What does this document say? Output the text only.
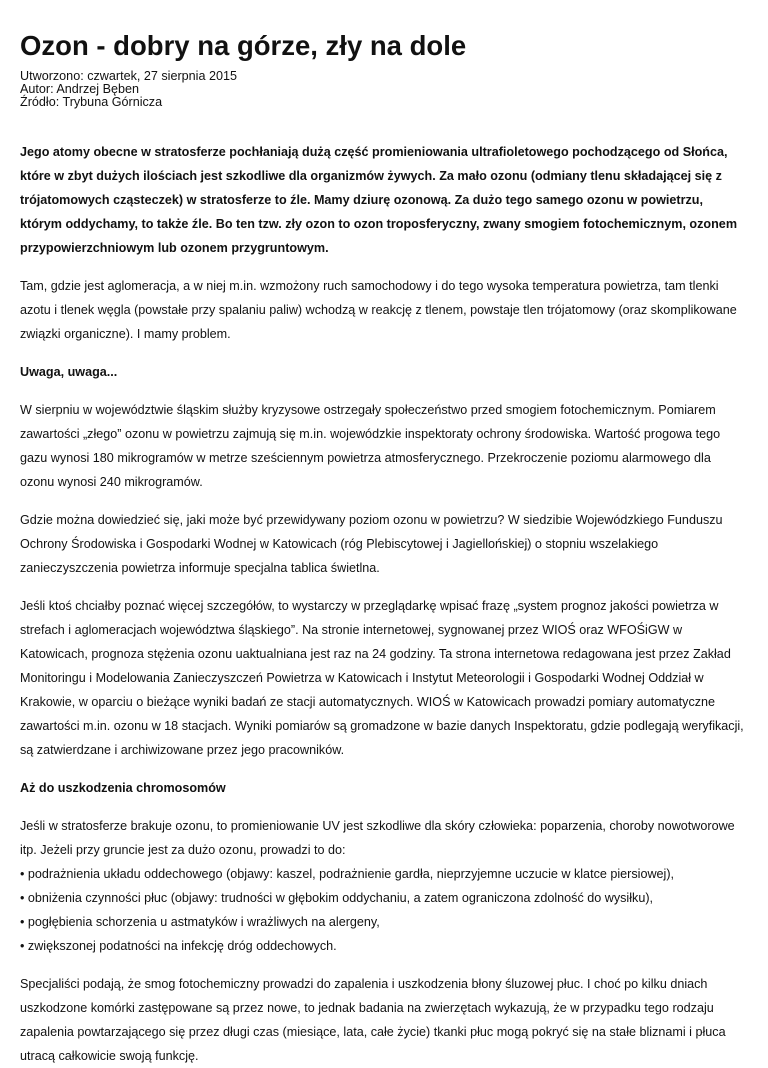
Ozon - dobry na górze, zły na dole
Utworzono: czwartek, 27 sierpnia 2015
Autor: Andrzej Bęben
Źródło: Trybuna Górnicza

Jego atomy obecne w stratosferze pochłaniają dużą część promieniowania ultrafioletowego pochodzącego od Słońca, które w zbyt dużych ilościach jest szkodliwe dla organizmów żywych. Za mało ozonu (odmiany tlenu składającej się z trójatomowych cząsteczek) w stratosferze to źle. Mamy dziurę ozonową. Za dużo tego samego ozonu w powietrzu, którym oddychamy, to także źle. Bo ten tzw. zły ozon to ozon troposferyczny, zwany smogiem fotochemicznym, ozonem przypowierzchniowym lub ozonem przygruntowym.

Tam, gdzie jest aglomeracja, a w niej m.in. wzmożony ruch samochodowy i do tego wysoka temperatura powietrza, tam tlenki azotu i tlenek węgla (powstałe przy spalaniu paliw) wchodzą w reakcję z tlenem, powstaje tlen trójatomowy (oraz skomplikowane związki organiczne). I mamy problem.

Uwaga, uwaga...

W sierpniu w województwie śląskim służby kryzysowe ostrzegały społeczeństwo przed smogiem fotochemicznym. Pomiarem zawartości „złego” ozonu w powietrzu zajmują się m.in. wojewódzkie inspektoraty ochrony środowiska. Wartość progowa tego gazu wynosi 180 mikrogramów w metrze sześciennym powietrza atmosferycznego. Przekroczenie poziomu alarmowego dla ozonu wynosi 240 mikrogramów.

Gdzie można dowiedzieć się, jaki może być przewidywany poziom ozonu w powietrzu? W siedzibie Wojewódzkiego Funduszu Ochrony Środowiska i Gospodarki Wodnej w Katowicach (róg Plebiscytowej i Jagiellońskiej) o stopniu wszelakiego zanieczyszczenia powietrza informuje specjalna tablica świetlna.

Jeśli ktoś chciałby poznać więcej szczegółów, to wystarczy w przeglądarkę wpisać frazę „system prognoz jakości powietrza w strefach i aglomeracjach województwa śląskiego”. Na stronie internetowej, sygnowanej przez WIOŚ oraz WFOŚiGW w Katowicach, prognoza stężenia ozonu uaktualniana jest raz na 24 godziny. Ta strona internetowa redagowana jest przez Zakład Monitoringu i Modelowania Zanieczyszczeń Powietrza w Katowicach i Instytut Meteorologii i Gospodarki Wodnej Oddział w Krakowie, w oparciu o bieżące wyniki badań ze stacji automatycznych. WIOŚ w Katowicach prowadzi pomiary automatyczne zawartości m.in. ozonu w 18 stacjach. Wyniki pomiarów są gromadzone w bazie danych Inspektoratu, gdzie podlegają weryfikacji, są zatwierdzane i archiwizowane przez jego pracowników.

Aż do uszkodzenia chromosomów

Jeśli w stratosferze brakuje ozonu, to promieniowanie UV jest szkodliwe dla skóry człowieka: poparzenia, choroby nowotworowe itp. Jeżeli przy gruncie jest za dużo ozonu, prowadzi to do:

• podrażnienia układu oddechowego (objawy: kaszel, podrażnienie gardła, nieprzyjemne uczucie w klatce piersiowej),
• obniżenia czynności płuc (objawy: trudności w głębokim oddychaniu, a zatem ograniczona zdolność do wysiłku),
• pogłębienia schorzenia u astmatyków i wrażliwych na alergeny,
• zwiększonej podatności na infekcję dróg oddechowych.

Specjaliści podają, że smog fotochemiczny prowadzi do zapalenia i uszkodzenia błony śluzowej płuc. I choć po kilku dniach uszkodzone komórki zastępowane są przez nowe, to jednak badania na zwierzętach wykazują, że w przypadku tego rodzaju zapalenia powtarzającego się przez długi czas (miesiące, lata, całe życie) tkanki płuc mogą pokryć się na stałe bliznami i płuca utracą całkowicie swoją funkcję.
